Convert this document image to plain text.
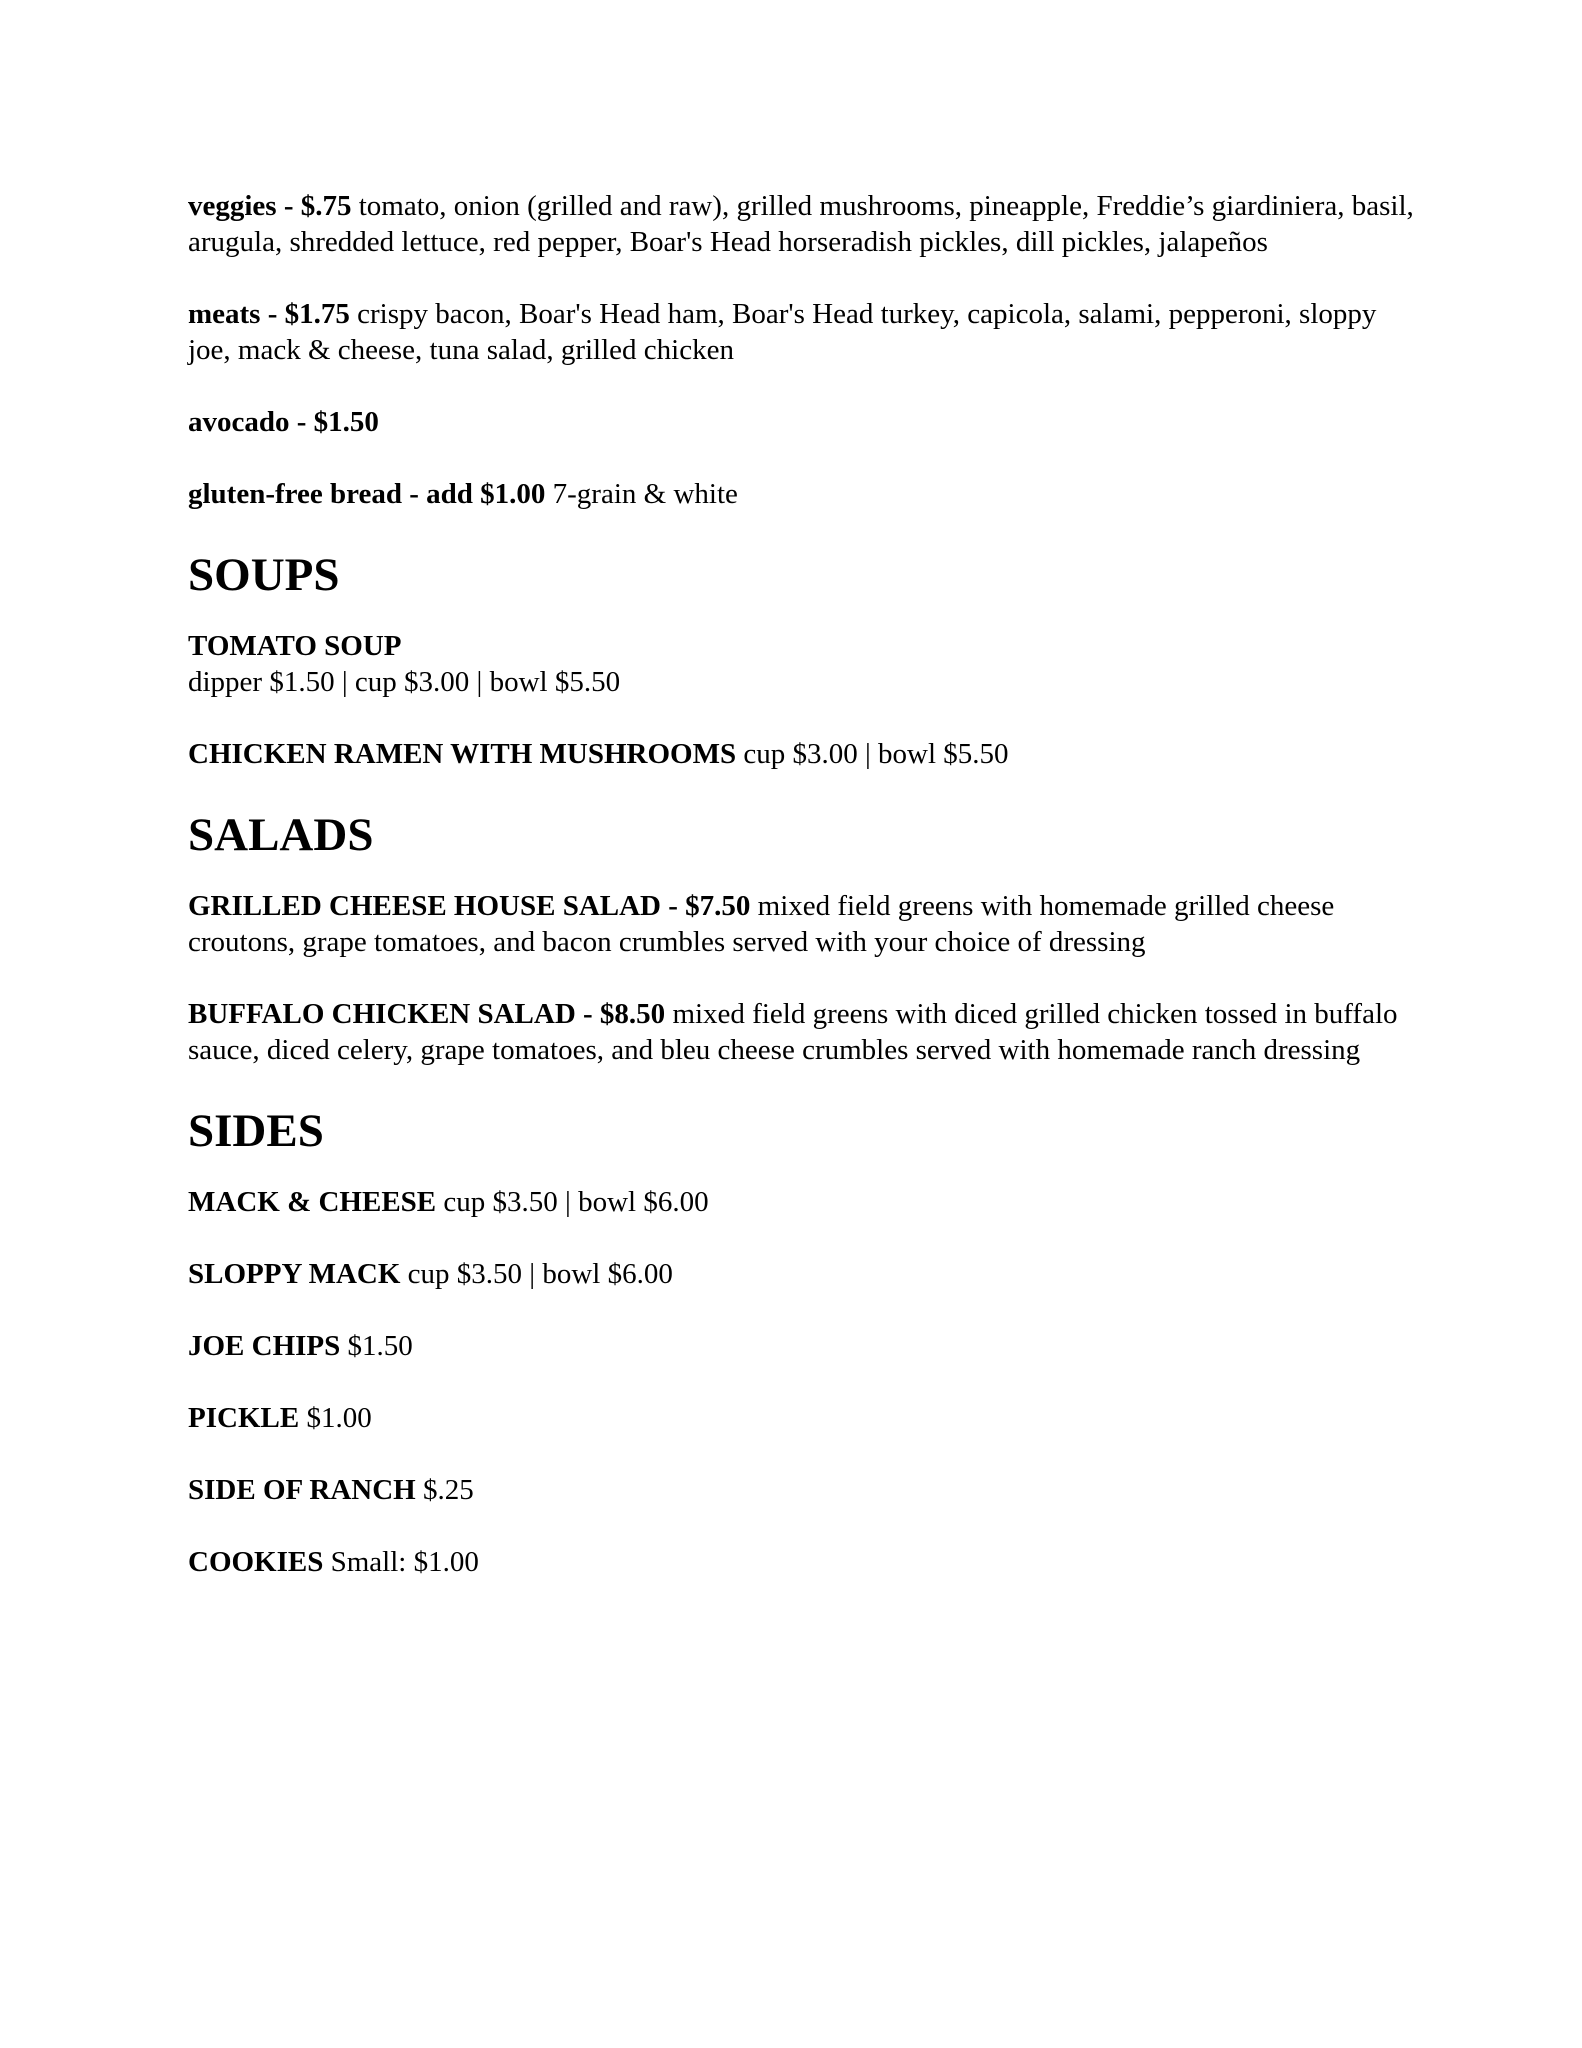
veggies - $.75 tomato, onion (grilled and raw), grilled mushrooms, pineapple, Freddie’s giardiniera, basil, arugula, shredded lettuce, red pepper, Boar's Head horseradish pickles, dill pickles, jalapeños

meats - $1.75 crispy bacon, Boar's Head ham, Boar's Head turkey, capicola, salami, pepperoni, sloppy joe, mack & cheese, tuna salad, grilled chicken

avocado - $1.50

gluten-free bread - add $1.00 7-grain & white

SOUPS

TOMATO SOUP
dipper $1.50 | cup $3.00 | bowl $5.50

CHICKEN RAMEN WITH MUSHROOMS cup $3.00 | bowl $5.50

SALADS

GRILLED CHEESE HOUSE SALAD - $7.50 mixed field greens with homemade grilled cheese croutons, grape tomatoes, and bacon crumbles served with your choice of dressing

BUFFALO CHICKEN SALAD - $8.50 mixed field greens with diced grilled chicken tossed in buffalo sauce, diced celery, grape tomatoes, and bleu cheese crumbles served with homemade ranch dressing

SIDES

MACK & CHEESE cup $3.50 | bowl $6.00

SLOPPY MACK cup $3.50 | bowl $6.00

JOE CHIPS $1.50

PICKLE $1.00

SIDE OF RANCH $.25

COOKIES Small: $1.00
